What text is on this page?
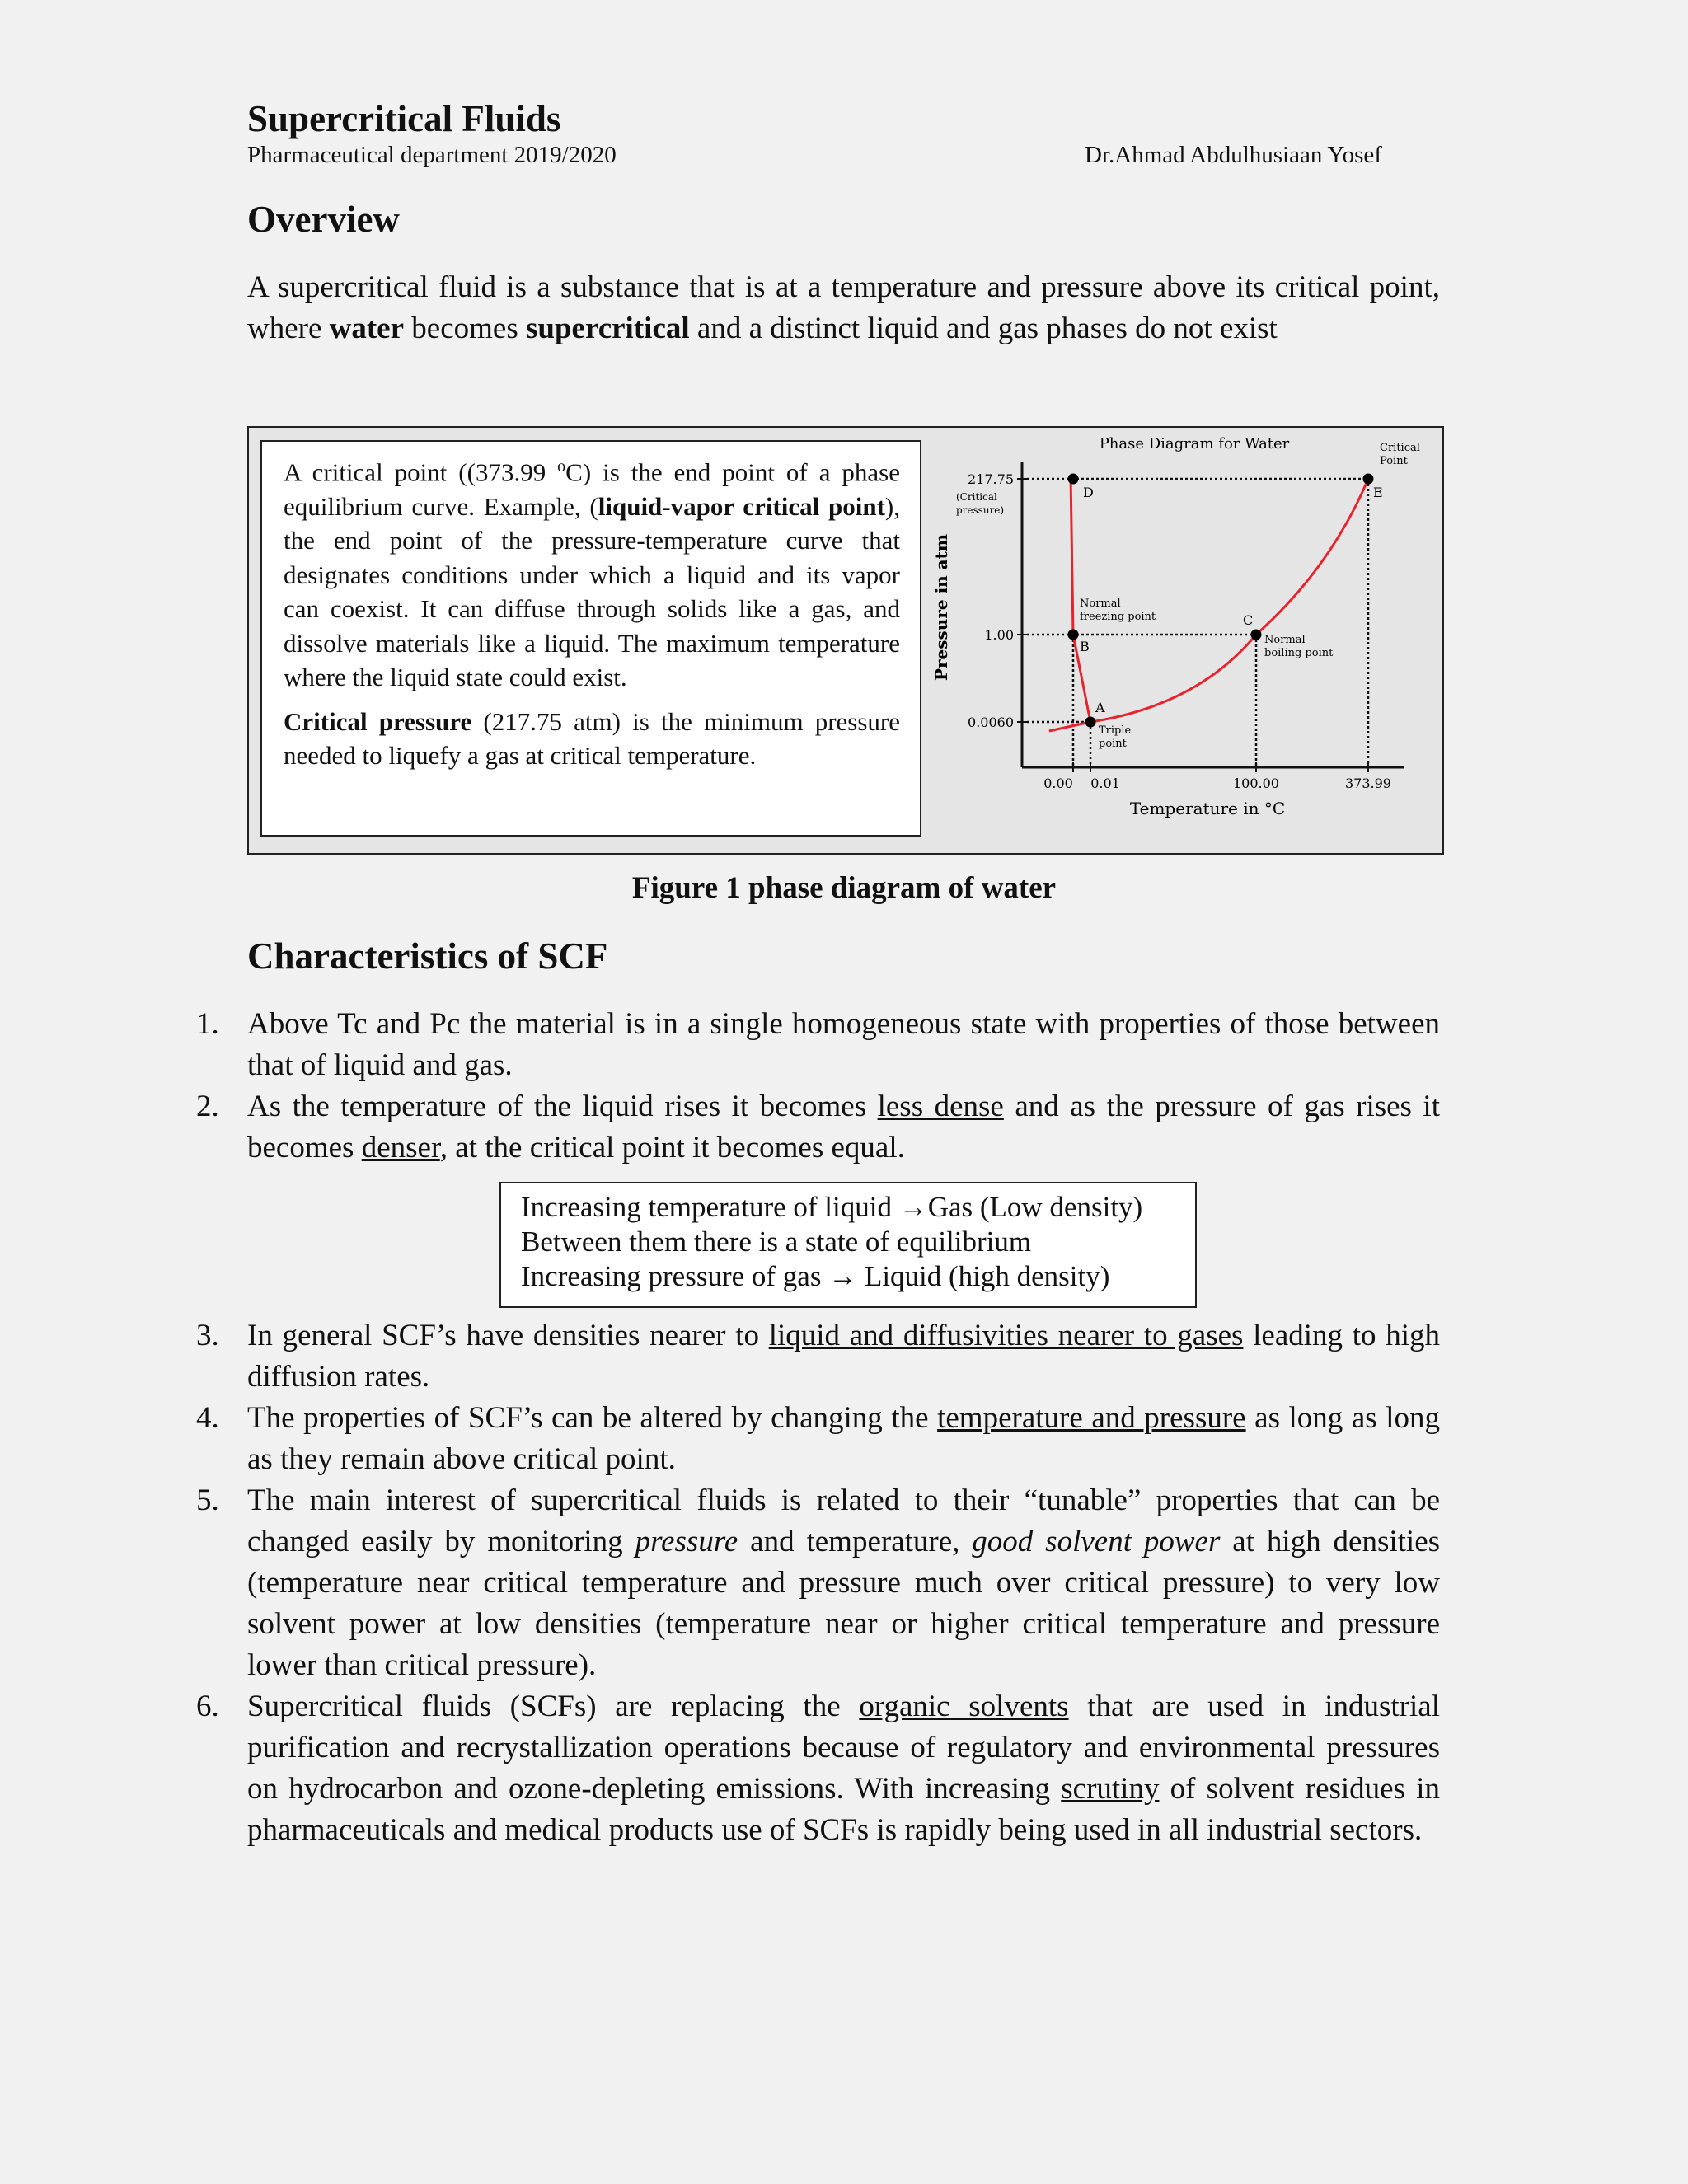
Supercritical Fluids
Pharmaceutical department 2019/2020	Dr.Ahmad Abdulhusiaan Yosef
Overview
A supercritical fluid is a substance that is at a temperature and pressure above its critical point, where water becomes supercritical and a distinct liquid and gas phases do not exist

A critical point ((373.99 $^o$C) is the end point of a phase equilibrium curve. Example, (liquid-vapor critical point), the end point of the pressure-temperature curve that designates conditions under which a liquid and its vapor can coexist. It can diffuse through solids like a gas, and dissolve materials like a liquid. The maximum temperature where the liquid state could exist.

Critical pressure (217.75 atm) is the minimum pressure needed to liquefy a gas at critical temperature.

Phase Diagram for Water
Pressure in atm
Temperature in °C
217.75
1.00
0.0060
(Critical
pressure)
0.00 0.01	100.00	373.99
A
Triple
point
B
Normal
freezing point	C
Normal
boiling point
D	E
Critical
Point
Figure 1 phase diagram of water
Characteristics of SCF
1. Above Tc and Pc the material is in a single homogeneous state with properties of those between that of liquid and gas.
2. As the temperature of the liquid rises it becomes less dense and as the pressure of gas rises it becomes denser, at the critical point it becomes equal.
Increasing temperature of liquid →Gas (Low density)
Between them there is a state of equilibrium
Increasing pressure of gas → Liquid (high density)
3. In general SCF’s have densities nearer to liquid and diffusivities nearer to gases leading to high diffusion rates.
4. The properties of SCF’s can be altered by changing the temperature and pressure as long as long as they remain above critical point.
5. The main interest of supercritical fluids is related to their “tunable” properties that can be changed easily by monitoring pressure and temperature, good solvent power at high densities (temperature near critical temperature and pressure much over critical pressure) to very low solvent power at low densities (temperature near or higher critical temperature and pressure lower than critical pressure).
6. Supercritical fluids (SCFs) are replacing the organic solvents that are used in industrial purification and recrystallization operations because of regulatory and environmental pressures on hydrocarbon and ozone-depleting emissions. With increasing scrutiny of solvent residues in pharmaceuticals and medical products use of SCFs is rapidly being used in all industrial sectors.
